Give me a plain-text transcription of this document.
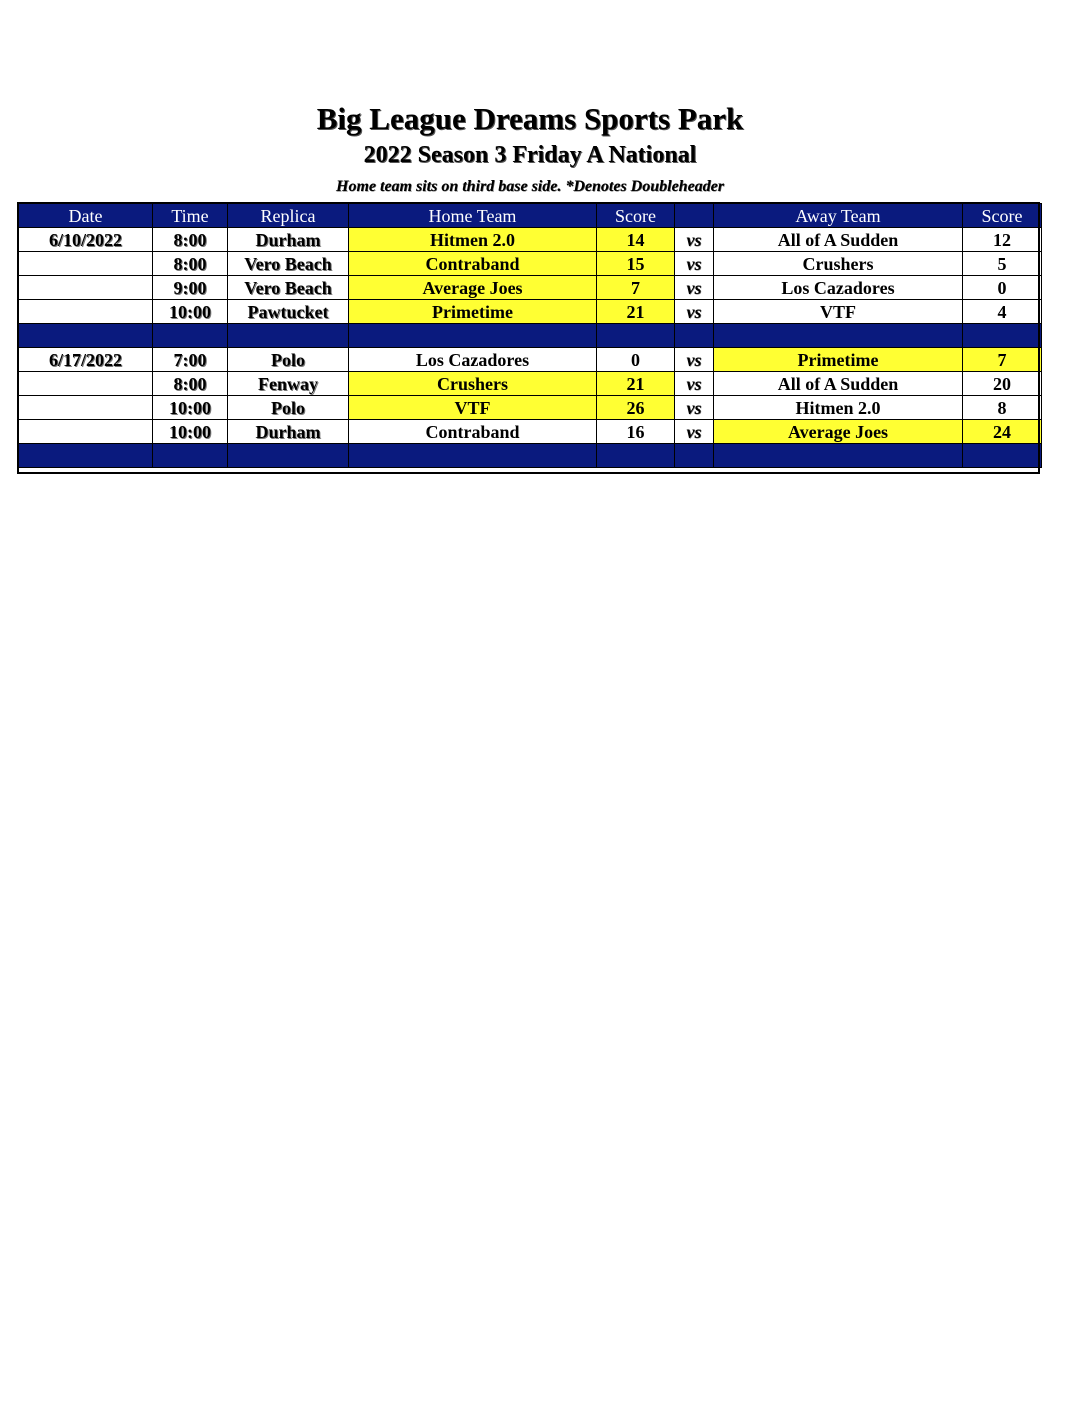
Big League Dreams Sports Park
2022 Season 3 Friday A National
Home team sits on third base side. *Denotes Doubleheader
Date	Time	Replica	Home Team	Score		Away Team	Score
6/10/2022	8:00	Durham	Hitmen 2.0	14	vs	All of A Sudden	12
	8:00	Vero Beach	Contraband	15	vs	Crushers	5
	9:00	Vero Beach	Average Joes	7	vs	Los Cazadores	0
	10:00	Pawtucket	Primetime	21	vs	VTF	4

6/17/2022	7:00	Polo	Los Cazadores	0	vs	Primetime	7
	8:00	Fenway	Crushers	21	vs	All of A Sudden	20
	10:00	Polo	VTF	26	vs	Hitmen 2.0	8
	10:00	Durham	Contraband	16	vs	Average Joes	24
